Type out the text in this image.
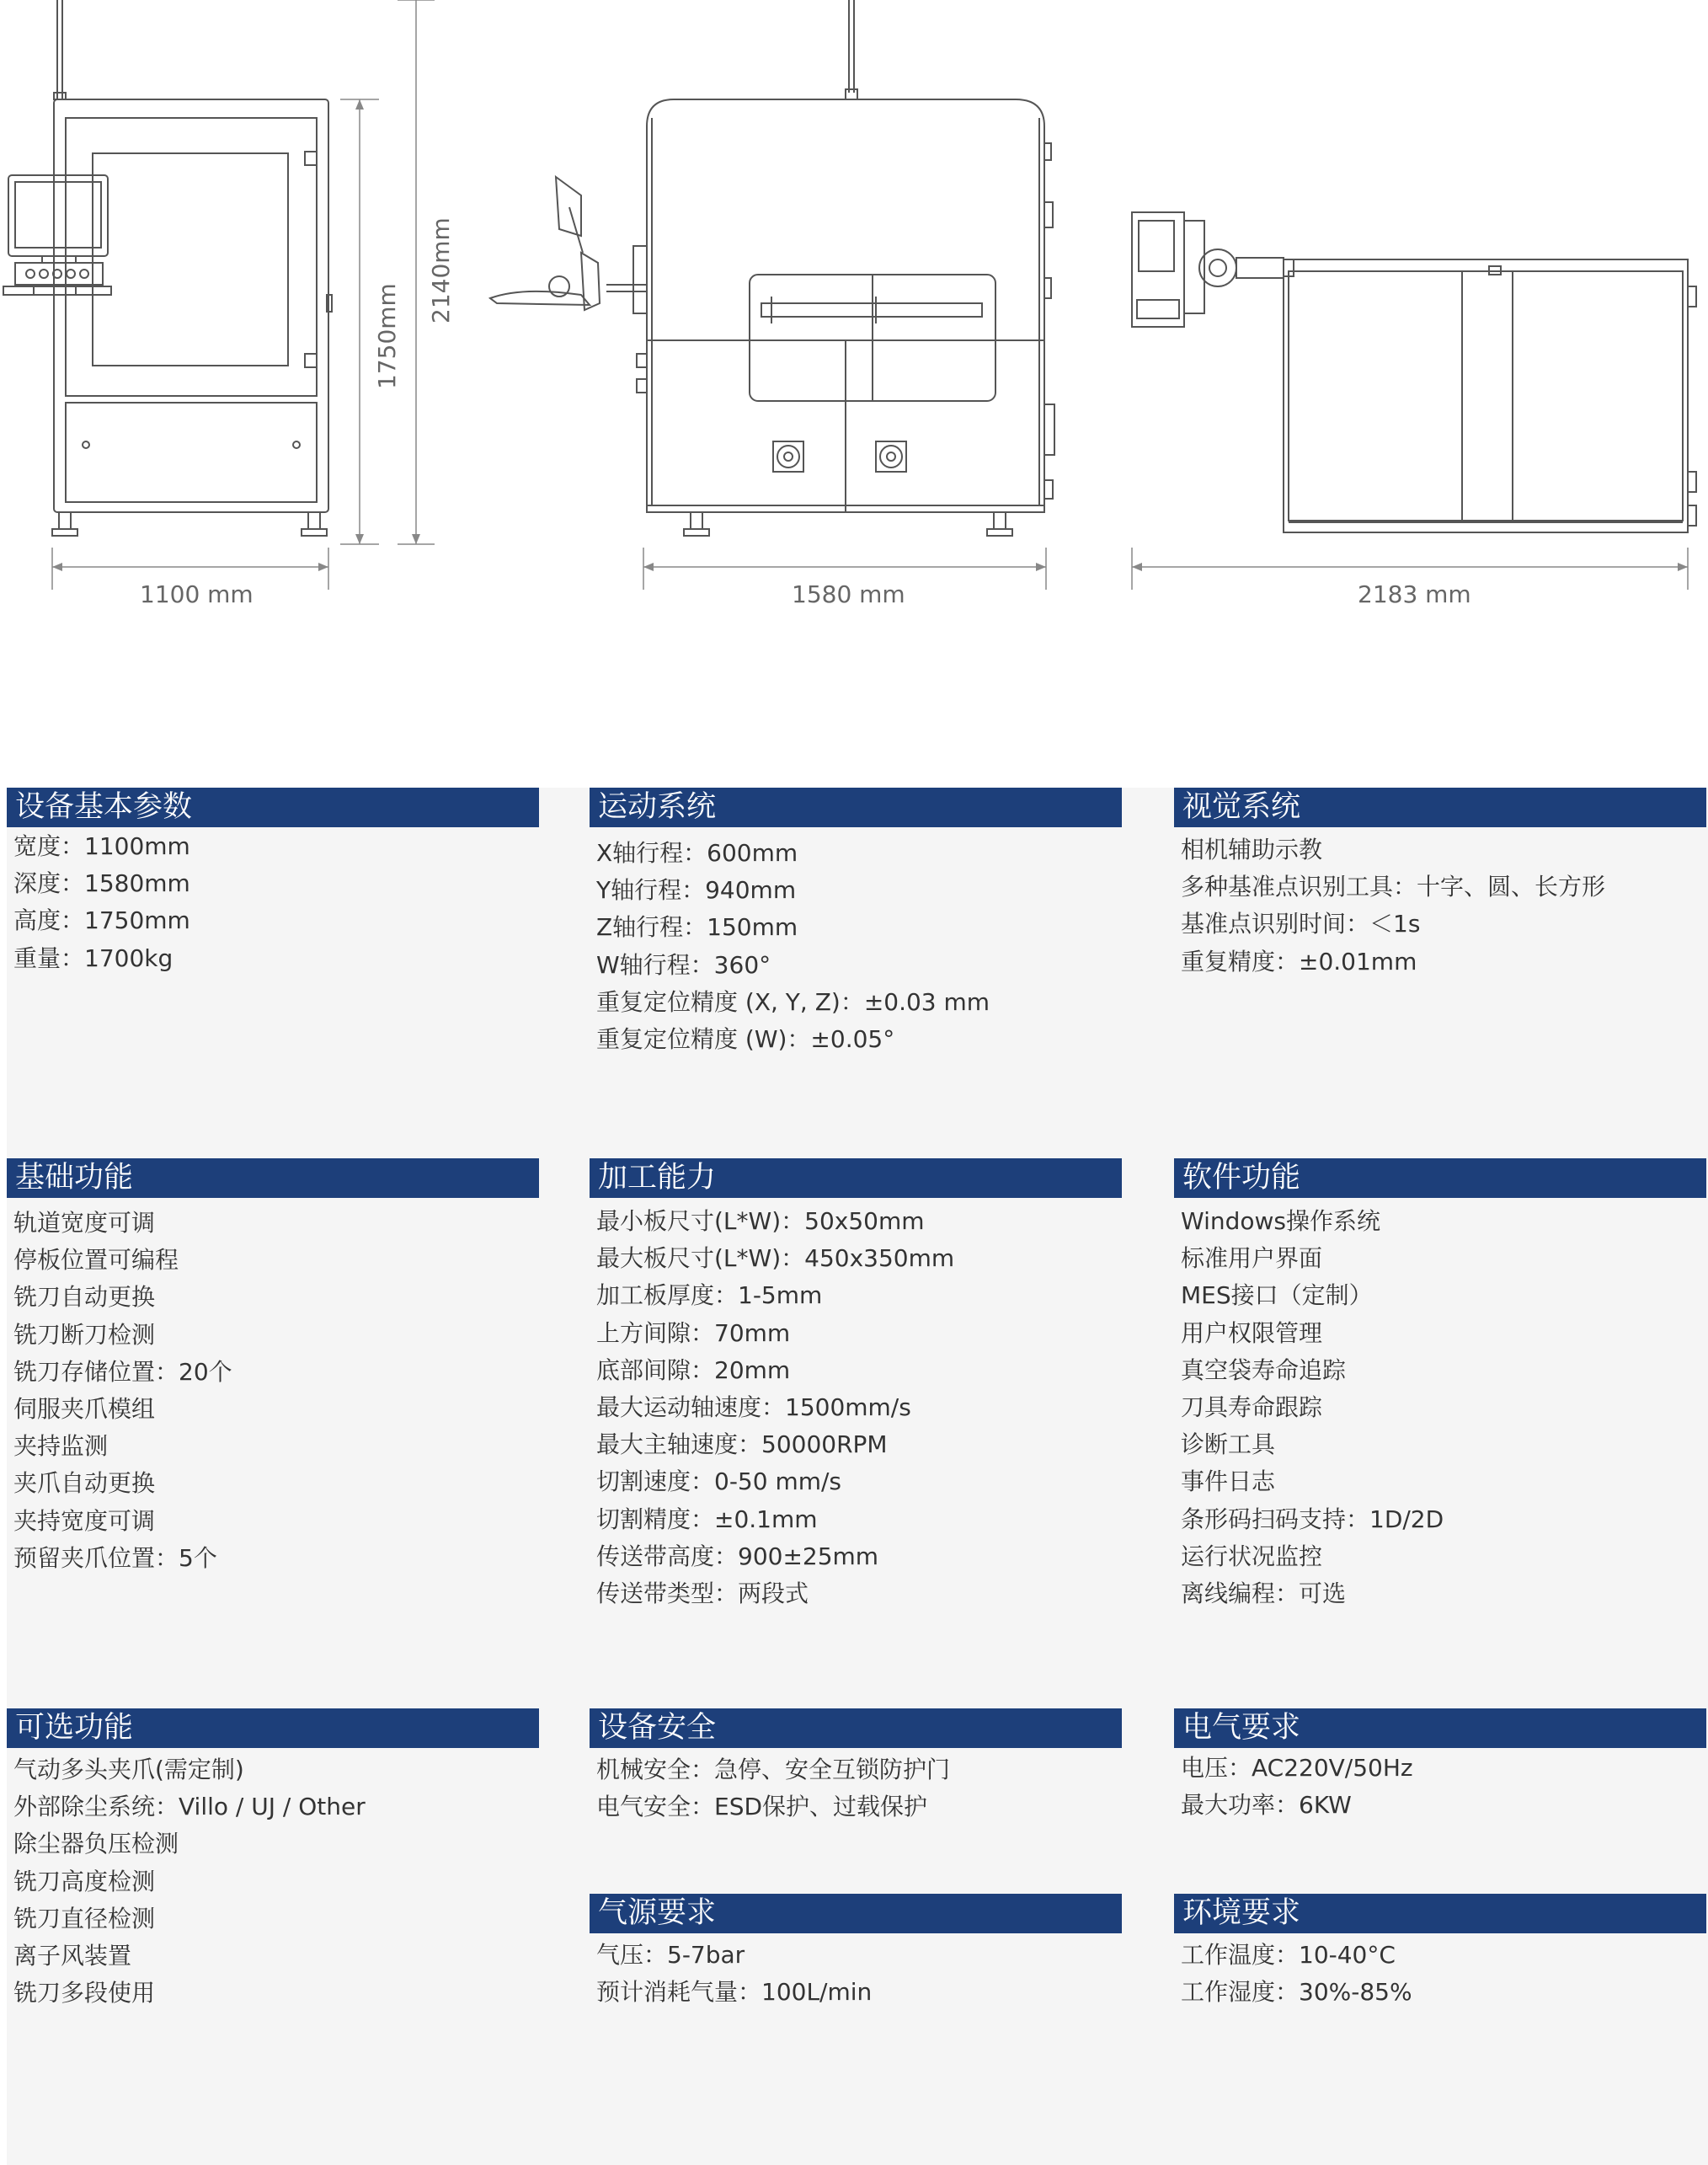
1100 mm	1580 mm	2183 mm
1750mm
2140mm
设备基本参数
宽度：1100mm
深度：1580mm
高度：1750mm
重量：1700kg
运动系统
X轴行程：600mm
Y轴行程：940mm
Z轴行程：150mm
W轴行程：360°
重复定位精度 (X, Y, Z)：±0.03 mm
重复定位精度 (W)：±0.05°
视觉系统
相机辅助示教
多种基准点识别工具：十字、圆、长方形
基准点识别时间：＜1s
重复精度：±0.01mm
基础功能
轨道宽度可调
停板位置可编程
铣刀自动更换
铣刀断刀检测
铣刀存储位置：20个
伺服夹爪模组
夹持监测
夹爪自动更换
夹持宽度可调
预留夹爪位置：5个
加工能力
最小板尺寸(L*W)：50x50mm
最大板尺寸(L*W)：450x350mm
加工板厚度：1-5mm
上方间隙：70mm
底部间隙：20mm
最大运动轴速度：1500mm/s
最大主轴速度：50000RPM
切割速度：0-50 mm/s
切割精度：±0.1mm
传送带高度：900±25mm
传送带类型：两段式
软件功能
Windows操作系统
标准用户界面
MES接口（定制）
用户权限管理
真空袋寿命追踪
刀具寿命跟踪
诊断工具
事件日志
条形码扫码支持：1D/2D
运行状况监控
离线编程：可选
可选功能
气动多头夹爪(需定制)
外部除尘系统：Villo / UJ / Other
除尘器负压检测
铣刀高度检测
铣刀直径检测
离子风装置
铣刀多段使用
设备安全
机械安全：急停、安全互锁防护门
电气安全：ESD保护、过载保护
电气要求
电压：AC220V/50Hz
最大功率：6KW
气源要求
气压：5-7bar
预计消耗气量：100L/min
环境要求
工作温度：10-40°C
工作湿度：30%-85%
